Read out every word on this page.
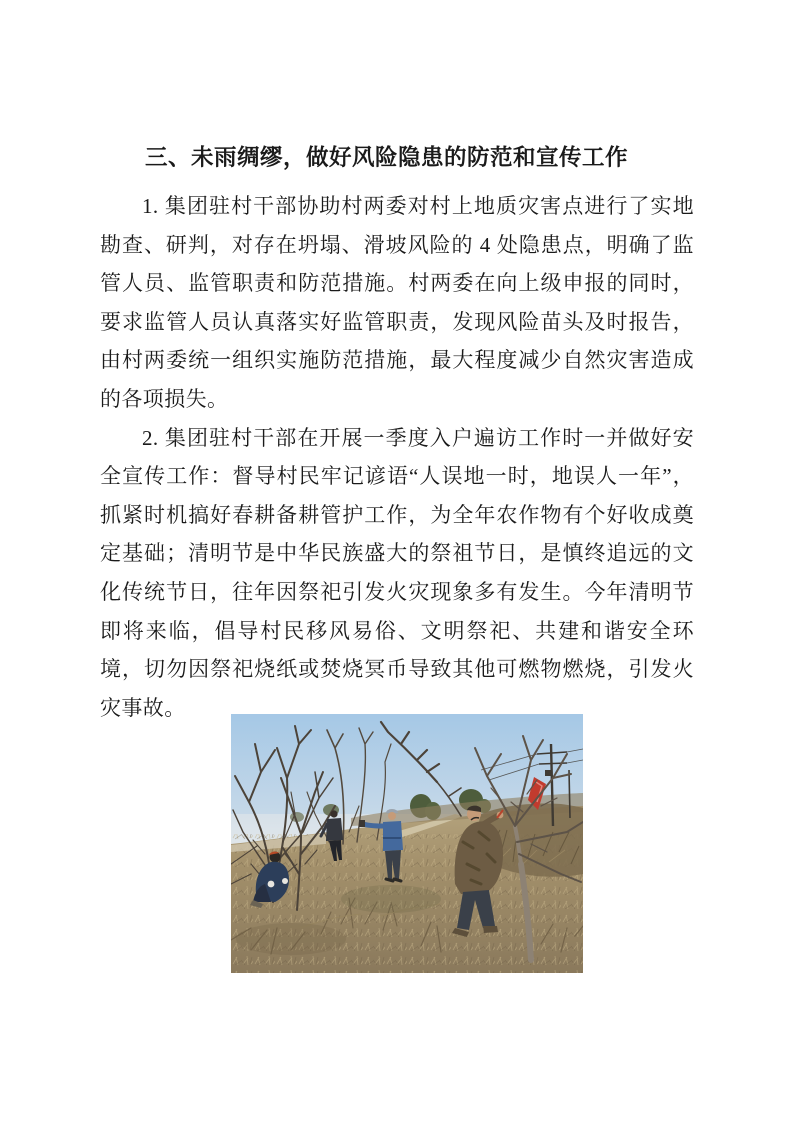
三、未雨绸缪，做好风险隐患的防范和宣传工作

1. 集团驻村干部协助村两委对村上地质灾害点进行了实地勘查、研判，对存在坍塌、滑坡风险的 4 处隐患点，明确了监管人员、监管职责和防范措施。村两委在向上级申报的同时，要求监管人员认真落实好监管职责，发现风险苗头及时报告，由村两委统一组织实施防范措施，最大程度减少自然灾害造成的各项损失。

2. 集团驻村干部在开展一季度入户遍访工作时一并做好安全宣传工作：督导村民牢记谚语“人误地一时，地误人一年”，抓紧时机搞好春耕备耕管护工作，为全年农作物有个好收成奠定基础；清明节是中华民族盛大的祭祖节日，是慎终追远的文化传统节日，往年因祭祀引发火灾现象多有发生。今年清明节即将来临，倡导村民移风易俗、文明祭祀、共建和谐安全环境，切勿因祭祀烧纸或焚烧冥币导致其他可燃物燃烧，引发火灾事故。
